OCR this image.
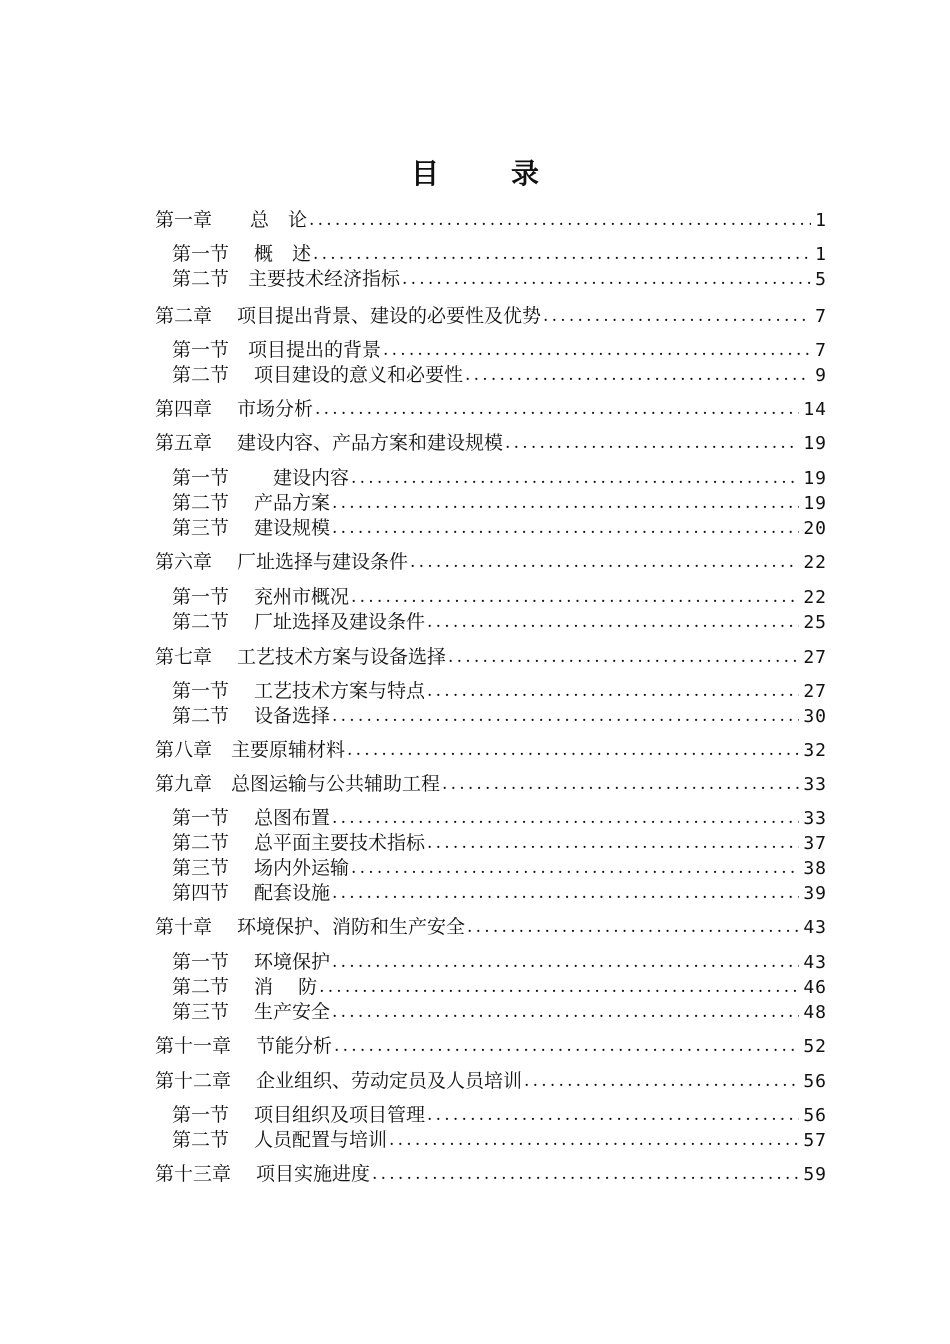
目　录
第一章　　总　论 .....	1
第一节　 概　述 .....	1
第二节　主要技术经济指标 .....	5
第二章　 项目提出背景、建设的必要性及优势 .....	7
第一节　项目提出的背景 .....	7
第二节　 项目建设的意义和必要性 .....	9
第四章　 市场分析 .....	14
第五章　 建设内容、产品方案和建设规模 .....	19
第一节　　 建设内容 .....	19
第二节　 产品方案 .....	19
第三节　 建设规模 .....	20
第六章　 厂址选择与建设条件 .....	22
第一节　 兖州市概况 .....	22
第二节　 厂址选择及建设条件 .....	25
第七章　 工艺技术方案与设备选择 .....	27
第一节　 工艺技术方案与特点 .....	27
第二节　 设备选择 .....	30
第八章　主要原辅材料 .....	32
第九章　总图运输与公共辅助工程 .....	33
第一节　 总图布置 .....	33
第二节　 总平面主要技术指标 .....	37
第三节　 场内外运输 .....	38
第四节　 配套设施 .....	39
第十章　 环境保护、消防和生产安全 .....	43
第一节　 环境保护 .....	43
第二节　 消　 防 .....	46
第三节　 生产安全 .....	48
第十一章　 节能分析 .....	52
第十二章　 企业组织、劳动定员及人员培训 .....	56
第一节　 项目组织及项目管理 .....	56
第二节　 人员配置与培训 .....	57
第十三章　 项目实施进度 .....	59
